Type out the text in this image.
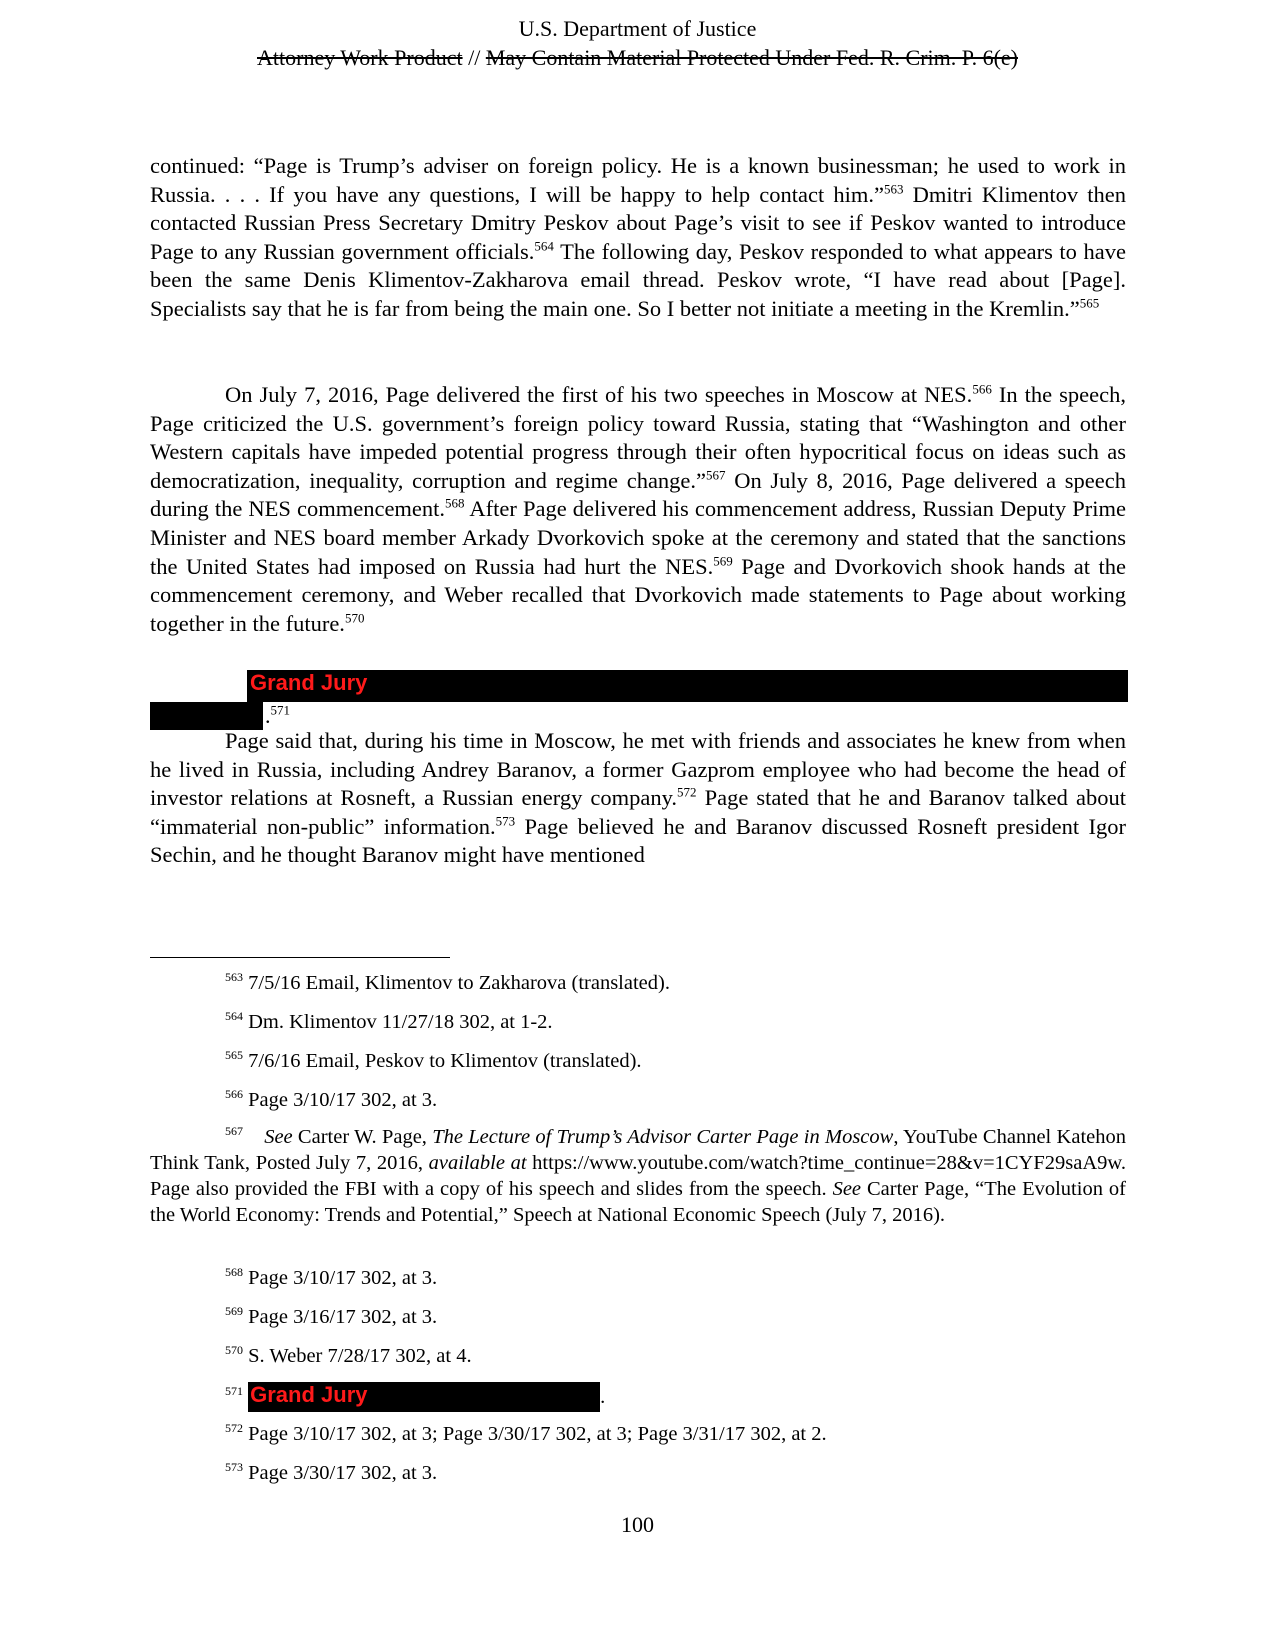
U.S. Department of Justice
Attorney Work Product // May Contain Material Protected Under Fed. R. Crim. P. 6(e)
continued: “Page is Trump’s adviser on foreign policy. He is a known businessman; he used to work in Russia. . . . If you have any questions, I will be happy to help contact him.”$^{563}$ Dmitri Klimentov then contacted Russian Press Secretary Dmitry Peskov about Page’s visit to see if Peskov wanted to introduce Page to any Russian government officials.$^{564}$ The following day, Peskov responded to what appears to have been the same Denis Klimentov-Zakharova email thread. Peskov wrote, “I have read about [Page]. Specialists say that he is far from being the main one. So I better not initiate a meeting in the Kremlin.”$^{565}$
On July 7, 2016, Page delivered the first of his two speeches in Moscow at NES.$^{566}$ In the speech, Page criticized the U.S. government’s foreign policy toward Russia, stating that “Washington and other Western capitals have impeded potential progress through their often hypocritical focus on ideas such as democratization, inequality, corruption and regime change.”$^{567}$ On July 8, 2016, Page delivered a speech during the NES commencement.$^{568}$ After Page delivered his commencement address, Russian Deputy Prime Minister and NES board member Arkady Dvorkovich spoke at the ceremony and stated that the sanctions the United States had imposed on Russia had hurt the NES.$^{569}$ Page and Dvorkovich shook hands at the commencement ceremony, and Weber recalled that Dvorkovich made statements to Page about working together in the future.$^{570}$
Grand Jury
.$^{571}$
Page said that, during his time in Moscow, he met with friends and associates he knew from when he lived in Russia, including Andrey Baranov, a former Gazprom employee who had become the head of investor relations at Rosneft, a Russian energy company.$^{572}$ Page stated that he and Baranov talked about “immaterial non-public” information.$^{573}$ Page believed he and Baranov discussed Rosneft president Igor Sechin, and he thought Baranov might have mentioned
$^{563}$ 7/5/16 Email, Klimentov to Zakharova (translated).
$^{564}$ Dm. Klimentov 11/27/18 302, at 1-2.
$^{565}$ 7/6/16 Email, Peskov to Klimentov (translated).
$^{566}$ Page 3/10/17 302, at 3.
$^{567}$ See Carter W. Page, The Lecture of Trump’s Advisor Carter Page in Moscow, YouTube Channel Katehon Think Tank, Posted July 7, 2016, available at https://www.youtube.com/watch?time_continue=28&v=1CYF29saA9w. Page also provided the FBI with a copy of his speech and slides from the speech. See Carter Page, “The Evolution of the World Economy: Trends and Potential,” Speech at National Economic Speech (July 7, 2016).
$^{568}$ Page 3/10/17 302, at 3.
$^{569}$ Page 3/16/17 302, at 3.
$^{570}$ S. Weber 7/28/17 302, at 4.
$^{571}$ Grand Jury	.
$^{572}$ Page 3/10/17 302, at 3; Page 3/30/17 302, at 3; Page 3/31/17 302, at 2.
$^{573}$ Page 3/30/17 302, at 3.
100
